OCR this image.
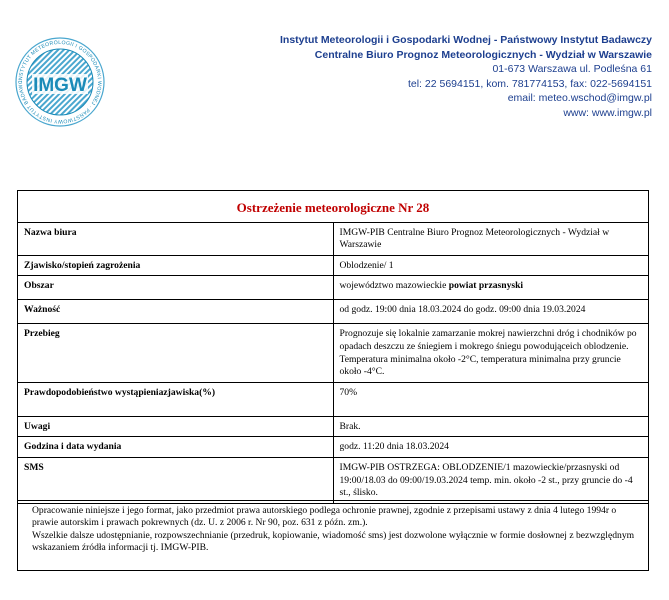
INSTYTUT METEOROLOGII I GOSPODARKI WODNEJ · PAŃSTWOWY INSTYTUT BADAWC IMGW
Instytut Meteorologii i Gospodarki Wodnej - Państwowy Instytut Badawczy
Centralne Biuro Prognoz Meteorologicznych - Wydział w Warszawie
01-673 Warszawa ul. Podleśna 61
tel: 22 5694151, kom. 781774153, fax: 022-5694151
email: meteo.wschod@imgw.pl
www: www.imgw.pl
Ostrzeżenie meteorologiczne Nr 28	
Nazwa biura	IMGW-PIB Centralne Biuro Prognoz Meteorologicznych - Wydział w Warszawie
Zjawisko/stopień zagrożenia	Oblodzenie/ 1
Obszar	województwo mazowieckie powiat przasnyski
Ważność	od godz. 19:00 dnia 18.03.2024 do godz. 09:00 dnia 19.03.2024
Przebieg	Prognozuje się lokalnie zamarzanie mokrej nawierzchni dróg i chodników po opadach deszczu ze śniegiem i mokrego śniegu powodująceich oblodzenie. Temperatura minimalna około -2°C, temperatura minimalna przy gruncie około -4°C.
Prawdopodobieństwo wystąpieniazjawiska(%)	70%
Uwagi	Brak.
Godzina i data wydania	godz. 11:20 dnia 18.03.2024
SMS	IMGW-PIB OSTRZEGA: OBLODZENIE/1 mazowieckie/przasnyski od 19:00/18.03 do 09:00/19.03.2024 temp. min. około -2 st., przy gruncie do -4 st., ślisko.
Opracowanie niniejsze i jego format, jako przedmiot prawa autorskiego podlega ochronie prawnej, zgodnie z przepisami ustawy z dnia 4 lutego 1994r o prawie autorskim i prawach pokrewnych (dz. U. z 2006 r. Nr 90, poz. 631 z późn. zm.).
Wszelkie dalsze udostępnianie, rozpowszechnianie (przedruk, kopiowanie, wiadomość sms) jest dozwolone wyłącznie w formie dosłownej z bezwzględnym wskazaniem źródła informacji tj. IMGW-PIB.
